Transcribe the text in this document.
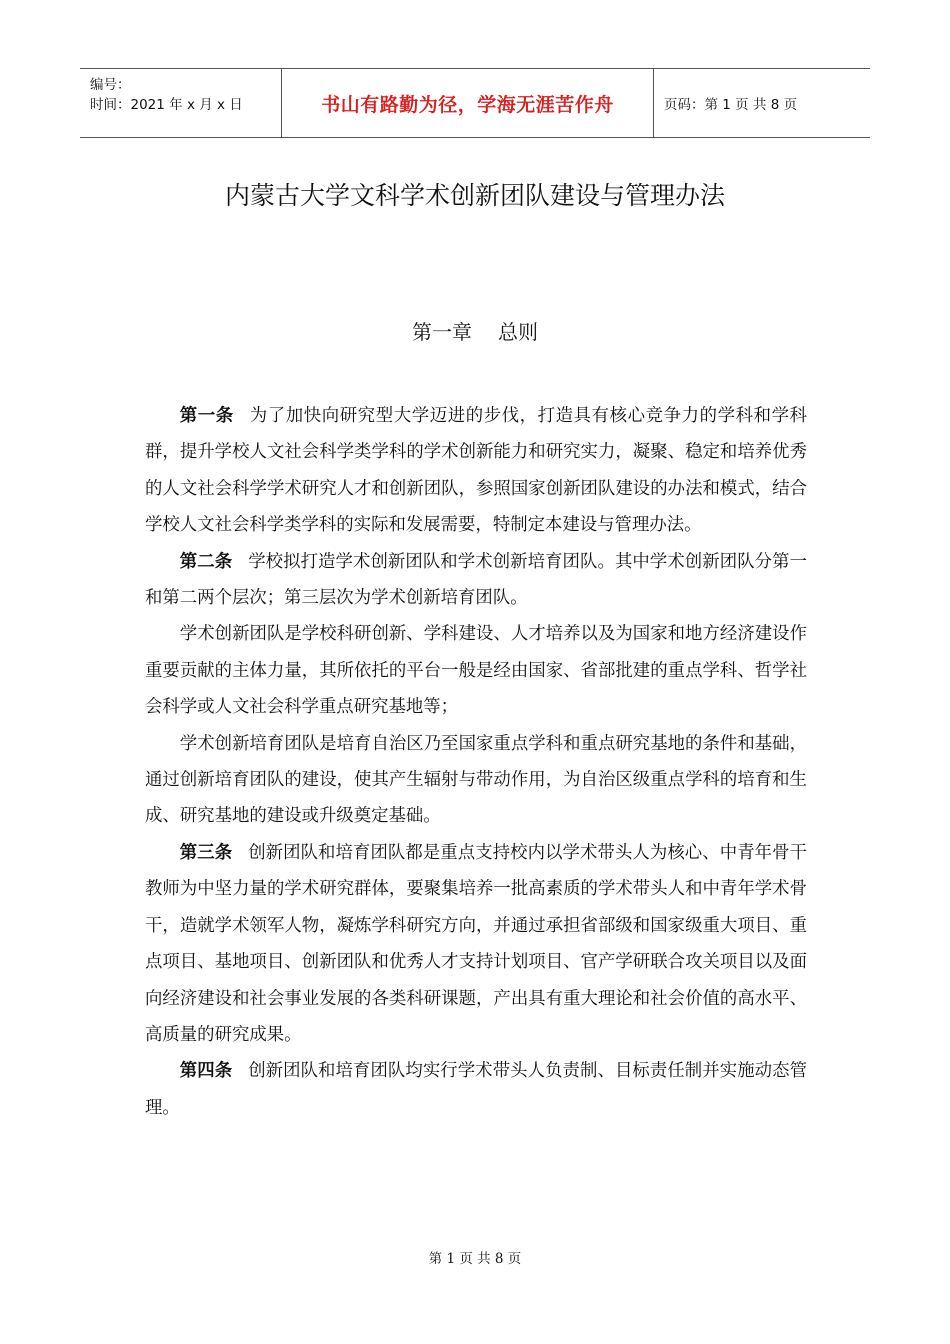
编号：
时间：2021 年 x 月 x 日	书山有路勤为径，学海无涯苦作舟	页码：第 1 页 共 8 页
内蒙古大学文科学术创新团队建设与管理办法
第一章 总则

第一条 为了加快向研究型大学迈进的步伐，打造具有核心竞争力的学科和学科群，提升学校人文社会科学类学科的学术创新能力和研究实力，凝聚、稳定和培养优秀的人文社会科学学术研究人才和创新团队，参照国家创新团队建设的办法和模式，结合学校人文社会科学类学科的实际和发展需要，特制定本建设与管理办法。

第二条 学校拟打造学术创新团队和学术创新培育团队。其中学术创新团队分第一和第二两个层次；第三层次为学术创新培育团队。

学术创新团队是学校科研创新、学科建设、人才培养以及为国家和地方经济建设作重要贡献的主体力量，其所依托的平台一般是经由国家、省部批建的重点学科、哲学社会科学或人文社会科学重点研究基地等；

学术创新培育团队是培育自治区乃至国家重点学科和重点研究基地的条件和基础，通过创新培育团队的建设，使其产生辐射与带动作用，为自治区级重点学科的培育和生成、研究基地的建设或升级奠定基础。

第三条 创新团队和培育团队都是重点支持校内以学术带头人为核心、中青年骨干教师为中坚力量的学术研究群体，要聚集培养一批高素质的学术带头人和中青年学术骨干，造就学术领军人物，凝炼学科研究方向，并通过承担省部级和国家级重大项目、重点项目、基地项目、创新团队和优秀人才支持计划项目、官产学研联合攻关项目以及面向经济建设和社会事业发展的各类科研课题，产出具有重大理论和社会价值的高水平、高质量的研究成果。

第四条 创新团队和培育团队均实行学术带头人负责制、目标责任制并实施动态管理。

第 1 页 共 8 页
